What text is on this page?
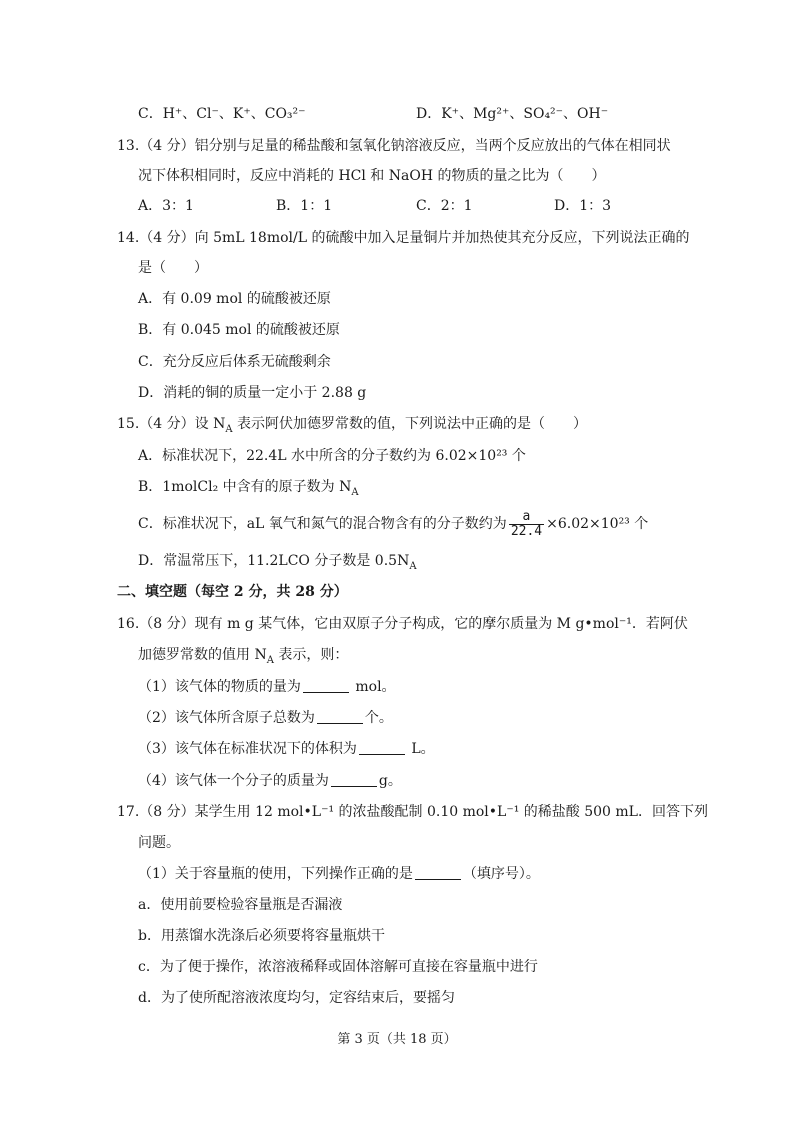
C．H⁺、Cl⁻、K⁺、CO₃²⁻	D．K⁺、Mg²⁺、SO₄²⁻、OH⁻
13.（4 分）铝分别与足量的稀盐酸和氢氧化钠溶液反应，当两个反应放出的气体在相同状
况下体积相同时，反应中消耗的 HCl 和 NaOH 的物质的量之比为（　　）
A．3：1	B．1：1	C．2：1	D．1：3
14.（4 分）向 5mL 18mol/L 的硫酸中加入足量铜片并加热使其充分反应，下列说法正确的
是（　　）
A．有 0.09 mol 的硫酸被还原
B．有 0.045 mol 的硫酸被还原
C．充分反应后体系无硫酸剩余
D．消耗的铜的质量一定小于 2.88 g
15.（4 分）设 $N_A$ 表示阿伏加德罗常数的值，下列说法中正确的是（　　）
A．标准状况下，22.4L 水中所含的分子数约为 6.02×10²³ 个
B．1molCl₂ 中含有的原子数为 $N_A$
C．标准状况下，aL 氧气和氮气的混合物含有的分子数约为 $\frac{a}{22.4} \times 6.02\times 10^{23}$ 个
D．常温常压下，11.2LCO 分子数是 $0.5N_A$
二、填空题（每空 2 分，共 28 分）
16.（8 分）现有 m g 某气体，它由双原子分子构成，它的摩尔质量为 M g•mol⁻¹．若阿伏
加德罗常数的值用 $N_A$ 表示，则：
（1）该气体的物质的量为	mol。
（2）该气体所含原子总数为	个。
（3）该气体在标准状况下的体积为	L。
（4）该气体一个分子的质量为	g。
17.（8 分）某学生用 12 mol•L⁻¹ 的浓盐酸配制 0.10 mol•L⁻¹ 的稀盐酸 500 mL．回答下列
问题。
（1）关于容量瓶的使用，下列操作正确的是	（填序号）。
a．使用前要检验容量瓶是否漏液
b．用蒸馏水洗涤后必须要将容量瓶烘干
c．为了便于操作，浓溶液稀释或固体溶解可直接在容量瓶中进行
d．为了使所配溶液浓度均匀，定容结束后，要摇匀
第 3 页（共 18 页）
